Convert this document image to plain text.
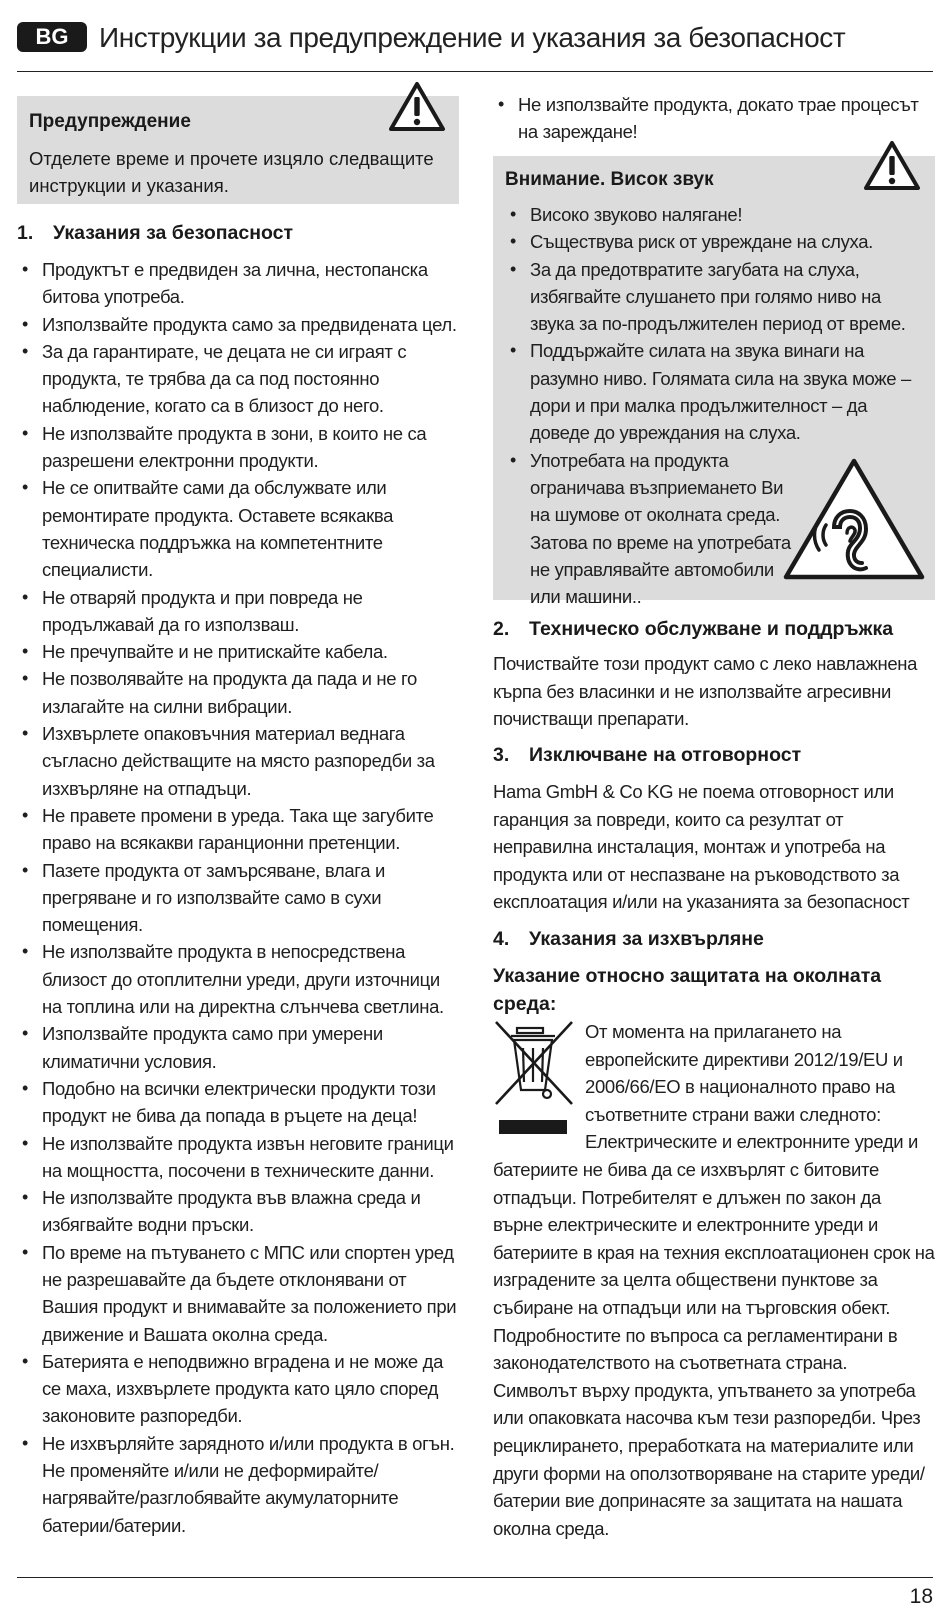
BG	Инструкции за предупреждение и указания за безопасност
Предупреждение
Отделете време и прочете изцяло следващите инструкции и указания.
1. Указания за безопасност
• Продуктът е предвиден за лична, нестопанска битова употреба.
• Използвайте продукта само за предвидената цел.
• За да гарантирате, че децата не си играят с продукта, те трябва да са под постоянно наблюдение, когато са в близост до него.
• Не използвайте продукта в зони, в които не са разрешени електронни продукти.
• Не се опитвайте сами да обслужвате или ремонтирате продукта. Оставете всякаква техническа поддръжка на компетентните специалисти.
• Не отваряй продукта и при повреда не продължавай да го използваш.
• Не пречупвайте и не притискайте кабела.
• Не позволявайте на продукта да пада и не го излагайте на силни вибрации.
• Изхвърлете опаковъчния материал веднага съгласно действащите на място разпоредби за изхвърляне на отпадъци.
• Не правете промени в уреда. Така ще загубите право на всякакви гаранционни претенции.
• Пазете продукта от замърсяване, влага и прегряване и го използвайте само в сухи помещения.
• Не използвайте продукта в непосредствена близост до отоплителни уреди, други източници на топлина или на директна слънчева светлина.
• Използвайте продукта само при умерени климатични условия.
• Подобно на всички електрически продукти този продукт не бива да попада в ръцете на деца!
• Не използвайте продукта извън неговите граници на мощността, посочени в техническите данни.
• Не използвайте продукта във влажна среда и избягвайте водни пръски.
• По време на пътуването с МПС или спортен уред не разрешавайте да бъдете отклонявани от Вашия продукт и внимавайте за положението при движение и Вашата околна среда.
• Батерията е неподвижно вградена и не може да се маха, изхвърлете продукта като цяло според законовите разпоредби.
• Не изхвърляйте зарядното и/или продукта в огън. Не променяйте и/или не деформирайте/ нагрявайте/разглобявайте акумулаторните батерии/батерии.
• Не използвайте продукта, докато трае процесът на зареждане!
Внимание. Висок звук
• Високо звуково налягане!
• Съществува риск от увреждане на слуха.
• За да предотвратите загубата на слуха, избягвайте слушането при голямо ниво на звука за по-продължителен период от време.
• Поддържайте силата на звука винаги на разумно ниво. Голямата сила на звука може – дори и при малка продължителност – да доведе до увреждания на слуха.
• Употребата на продукта ограничава възприемането Ви на шумове от околната среда. Затова по време на употребата не управлявайте автомобили или машини..
2. Техническо обслужване и поддръжка
Почиствайте този продукт само с леко навлажнена кърпа без власинки и не използвайте агресивни почистващи препарати.
3. Изключване на отговорност
Hama GmbH & Co KG не поема отговорност или гаранция за повреди, които са резултат от неправилна инсталация, монтаж и употреба на продукта или от неспазване на ръководството за експлоатация и/или на указанията за безопасност
4. Указания за изхвърляне
Указание относно защитата на околната среда:
От момента на прилагането на европейските директиви 2012/19/EU и 2006/66/EO в националното право на съответните страни важи следното: Електрическите и електронните уреди и батериите не бива да се изхвърлят с битовите отпадъци. Потребителят е длъжен по закон да върне електрическите и електронните уреди и батериите в края на техния експлоатационен срок на изградените за целта обществени пунктове за събиране на отпадъци или на търговския обект. Подробностите по въпроса са регламентирани в законодателството на съответната страна. Символът върху продукта, упътването за употреба или опаковката насочва към тези разпоредби. Чрез рециклирането, преработката на материалите или други форми на оползотворяване на старите уреди/ батерии вие допринасяте за защитата на нашата околна среда.
18
